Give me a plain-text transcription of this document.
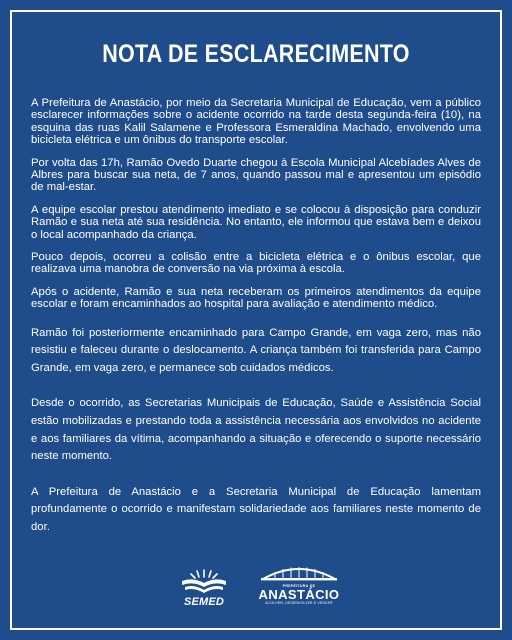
NOTA DE ESCLARECIMENTO

A Prefeitura de Anastácio, por meio da Secretaria Municipal de Educação, vem a público esclarecer informações sobre o acidente ocorrido na tarde desta segunda-feira (10), na esquina das ruas Kalil Salamene e Professora Esmeraldina Machado, envolvendo uma bicicleta elétrica e um ônibus do transporte escolar.

Por volta das 17h, Ramão Ovedo Duarte chegou à Escola Municipal Alcebíades Alves de Albres para buscar sua neta, de 7 anos, quando passou mal e apresentou um episódio de mal-estar.

A equipe escolar prestou atendimento imediato e se colocou à disposição para conduzir Ramão e sua neta até sua residência. No entanto, ele informou que estava bem e deixou o local acompanhado da criança.

Pouco depois, ocorreu a colisão entre a bicicleta elétrica e o ônibus escolar, que realizava uma manobra de conversão na via próxima à escola.

Após o acidente, Ramão e sua neta receberam os primeiros atendimentos da equipe escolar e foram encaminhados ao hospital para avaliação e atendimento médico.

Ramão foi posteriormente encaminhado para Campo Grande, em vaga zero, mas não resistiu e faleceu durante o deslocamento. A criança também foi transferida para Campo Grande, em vaga zero, e permanece sob cuidados médicos.

Desde o ocorrido, as Secretarias Municipais de Educação, Saúde e Assistência Social estão mobilizadas e prestando toda a assistência necessária aos envolvidos no acidente e aos familiares da vítima, acompanhando a situação e oferecendo o suporte necessário neste momento.

A Prefeitura de Anastácio e a Secretaria Municipal de Educação lamentam profundamente o ocorrido e manifestam solidariedade aos familiares neste momento de dor.

SEMED
PREFEITURA DE
ANASTÁCIO
ACOLHER, DESENVOLVER E VENCER
